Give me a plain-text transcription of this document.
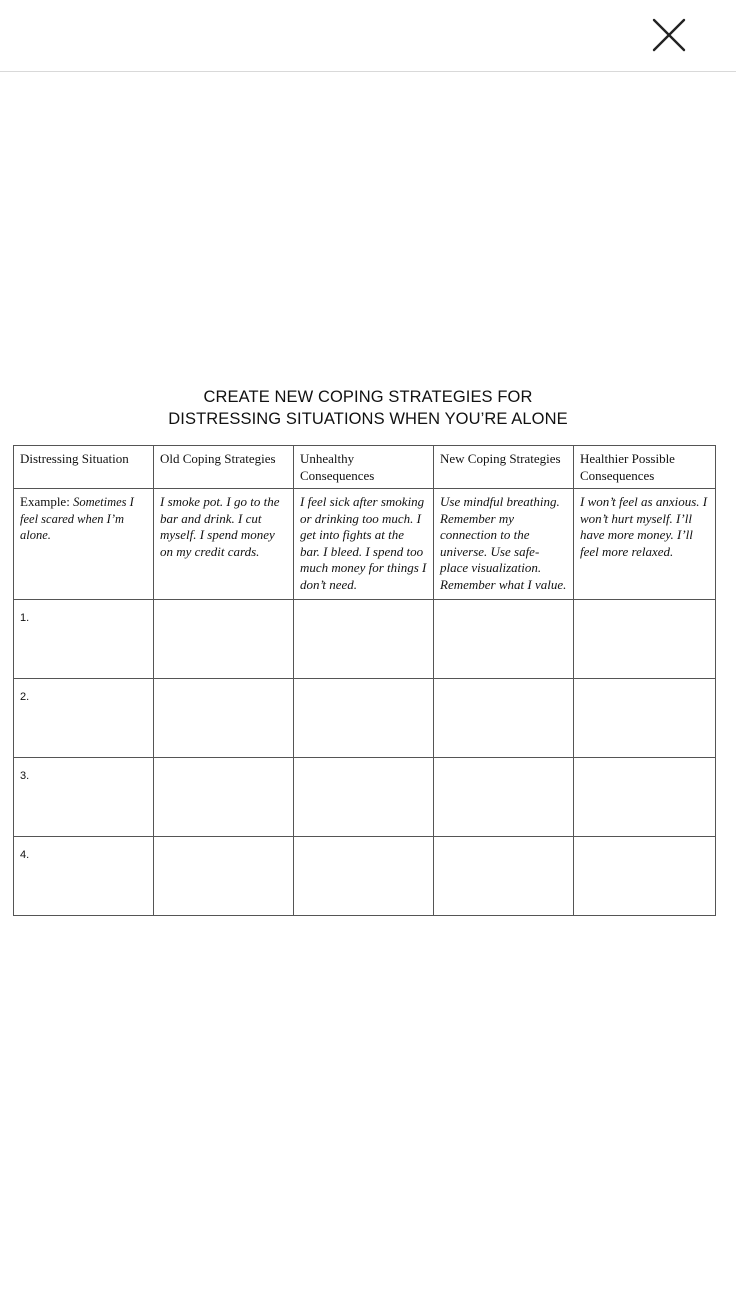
CREATE NEW COPING STRATEGIES FOR
DISTRESSING SITUATIONS WHEN YOU’RE ALONE
Distressing Situation	Old Coping Strategies	Unhealthy Consequences	New Coping Strategies	Healthier Possible Consequences
Example: Sometimes I feel scared when I’m alone.	I smoke pot. I go to the bar and drink. I cut myself. I spend money on my credit cards.	I feel sick after smoking or drinking too much. I get into fights at the bar. I bleed. I spend too much money for things I don’t need.	Use mindful breathing. Remember my connection to the universe. Use safe-place visualization. Remember what I value.	I won’t feel as anxious. I won’t hurt myself. I’ll have more money. I’ll feel more relaxed.
1.				
2.				
3.				
4.				
